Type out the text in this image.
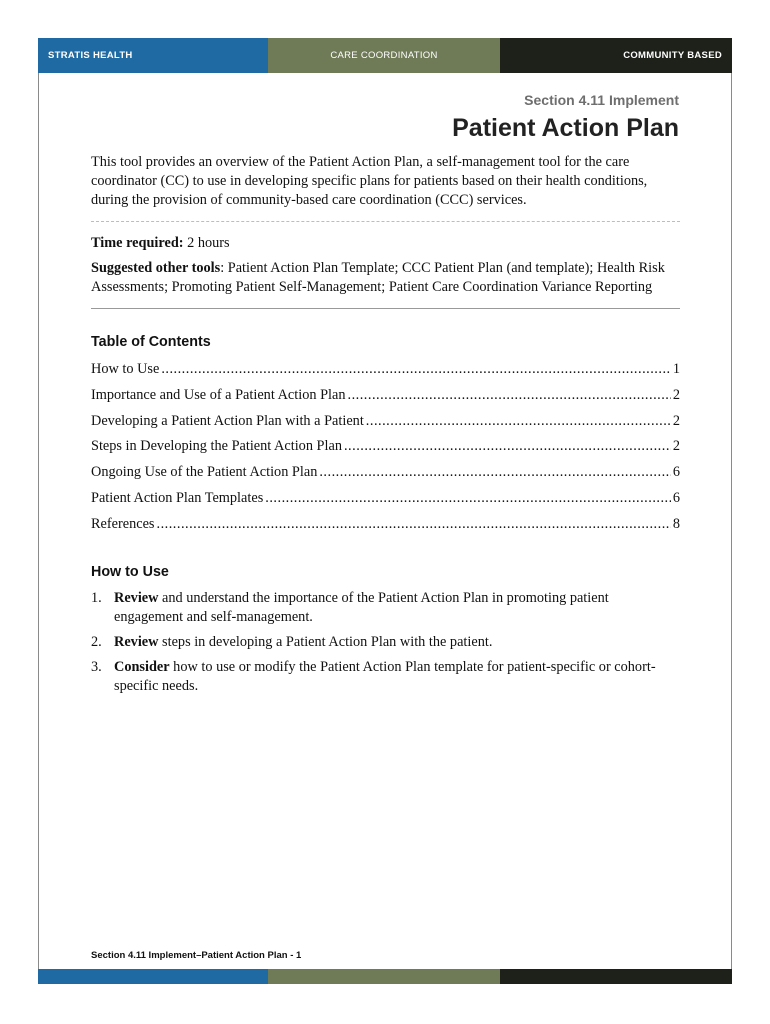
STRATIS HEALTH	CARE COORDINATION	COMMUNITY BASED
Section 4.11 Implement
Patient Action Plan

This tool provides an overview of the Patient Action Plan, a self-management tool for the care coordinator (CC) to use in developing specific plans for patients based on their health conditions, during the provision of community-based care coordination (CCC) services.

Time required: 2 hours

Suggested other tools: Patient Action Plan Template; CCC Patient Plan (and template); Health Risk Assessments; Promoting Patient Self-Management; Patient Care Coordination Variance Reporting

Table of Contents
How to Use .....	1
Importance and Use of a Patient Action Plan .....	2
Developing a Patient Action Plan with a Patient .....	2
Steps in Developing the Patient Action Plan .....	2
Ongoing Use of the Patient Action Plan .....	6
Patient Action Plan Templates .....	6
References .....	8
How to Use
1. Review and understand the importance of the Patient Action Plan in promoting patient engagement and self-management.
2. Review steps in developing a Patient Action Plan with the patient.
3. Consider how to use or modify the Patient Action Plan template for patient-specific or cohort-specific needs.
Section 4.11 Implement–Patient Action Plan - 1
